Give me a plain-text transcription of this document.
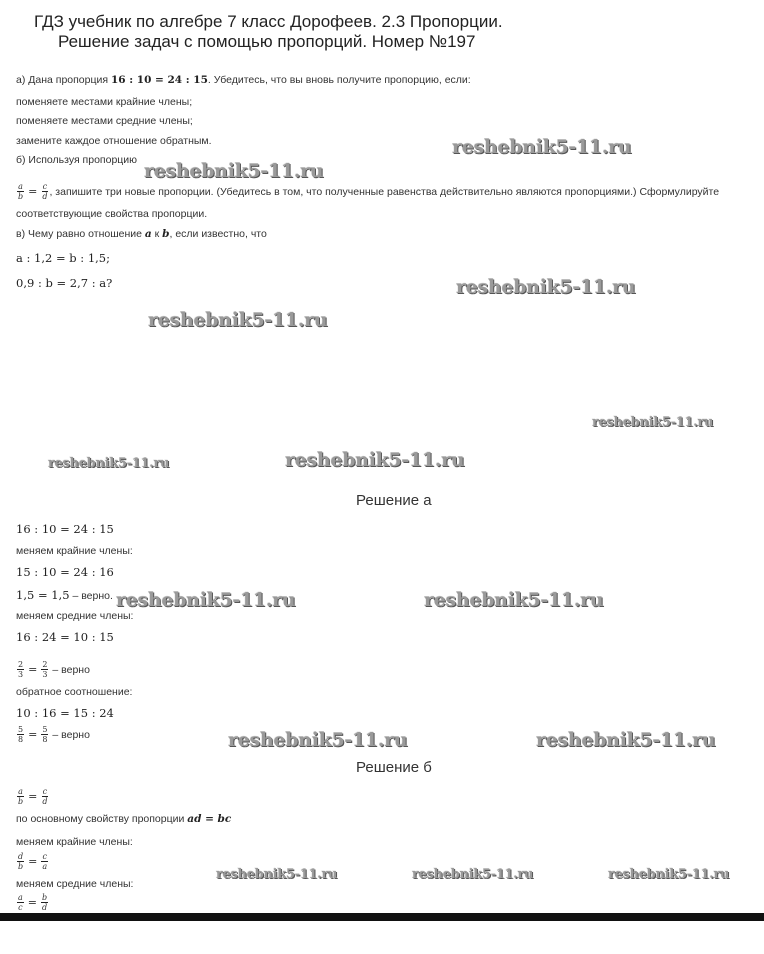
ГДЗ учебник по алгебре 7 класс Дорофеев. 2.3 Пропорции.
Решение задач с помощью пропорций. Номер №197
а) Дана пропорция 16 : 10 = 24 : 15. Убедитесь, что вы вновь получите пропорцию, если:
поменяете местами крайние члены;
поменяете местами средние члены;
замените каждое отношение обратным.
б) Используя пропорцию
$\frac{a}{b} = \frac{c}{d}$ , запишите три новые пропорции. (Убедитесь в том, что полученные равенства действительно являются пропорциями.) Сформулируйте
соответствующие свойства пропорции.
в) Чему равно отношение a к b, если известно, что
a : 1,2 = b : 1,5;
0,9 : b = 2,7 : a?
Решение а
16 : 10 = 24 : 15
меняем крайние члены:
15 : 10 = 24 : 16
1,5 = 1,5 – верно.
меняем средние члены:
16 : 24 = 10 : 15
$\frac{2}{3} = \frac{2}{3}$ – верно
обратное соотношение:
10 : 16 = 15 : 24
$\frac{5}{8} = \frac{5}{8}$ – верно
Решение б
$\frac{a}{b} = \frac{c}{d}$
по основному свойству пропорции ad = bc
меняем крайние члены:
$\frac{d}{b} = \frac{c}{a}$
меняем средние члены:
$\frac{a}{c} = \frac{b}{d}$
reshebnik5-11.ru
reshebnik5-11.ru
reshebnik5-11.ru
reshebnik5-11.ru
reshebnik5-11.ru
reshebnik5-11.ru	reshebnik5-11.ru
reshebnik5-11.ru	reshebnik5-11.ru
reshebnik5-11.ru	reshebnik5-11.ru
reshebnik5-11.ru	reshebnik5-11.ru	reshebnik5-11.ru
